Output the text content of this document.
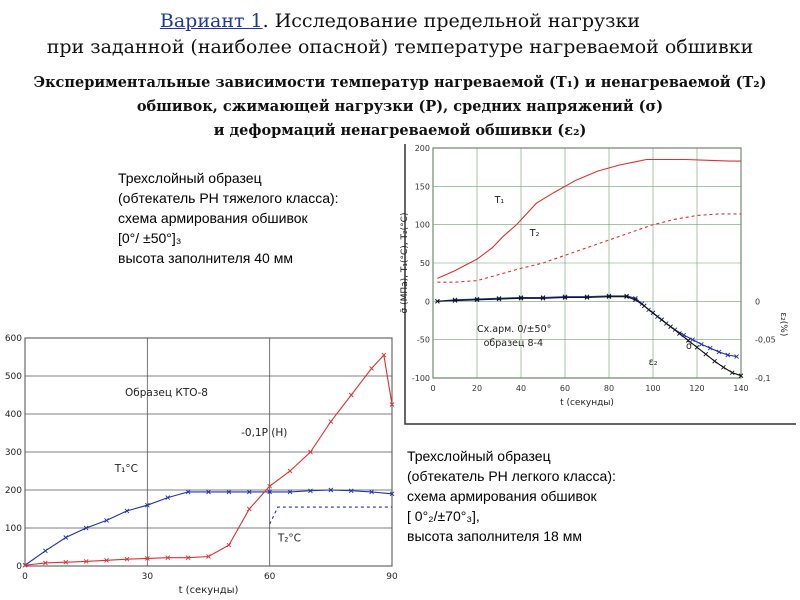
Вариант 1. Исследование предельной нагрузки
при заданной (наиболее опасной) температуре нагреваемой обшивки
Экспериментальные зависимости температур нагреваемой (T₁) и ненагреваемой (T₂)
обшивок, сжимающей нагрузки (P), средних напряжений (σ)
и деформаций ненагреваемой обшивки (ε₂)
Трехслойный образец
(обтекатель РН тяжелого класса):
схема армирования обшивок
[0°/ ±50°]₃
высота заполнителя 40 мм
Трехслойный образец
(обтекатель РН легкого класса):
схема армирования обшивок
[ 0°₂/±70°₃],
высота заполнителя 18 мм
0	20	40	60	80	100	120	140
-100
-50
0
50
100
150
200
0
-0,05
-0,1
t (секунды)
σ̄ (МПа), T₁(°C), T₂(°C)
ε₂(%)
T₁
T₂
Сх.арм. 0/±50°
образец 8-4	σ̄
ε₂
0	30	60	90
0
100
200
300
400
500
600
t (секунды)
T₁°C
-0,1P (H)
T₂°C
Образец КТО-8
